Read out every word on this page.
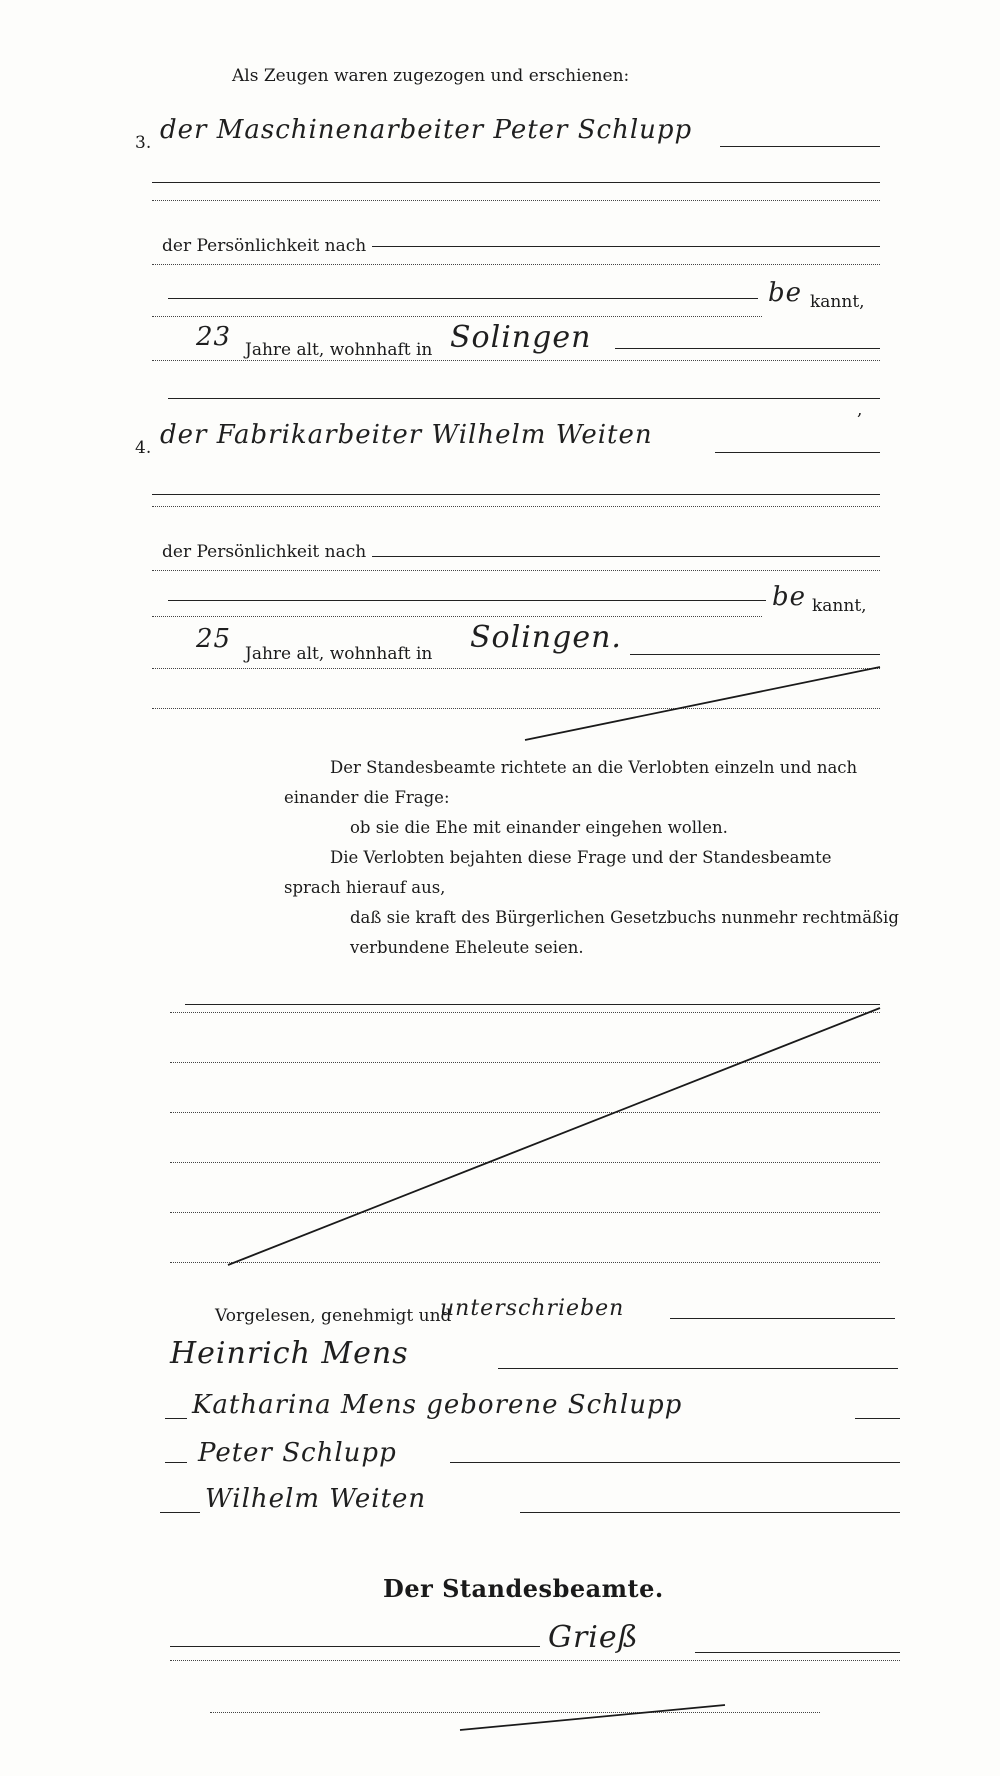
Als Zeugen waren zugezogen und erschienen:
3. der Maschinenarbeiter Peter Schlupp
der Persönlichkeit nach
be kannt,
23 Jahre alt, wohnhaft in Solingen
,
4. der Fabrikarbeiter Wilhelm Weiten
der Persönlichkeit nach
be kannt,
25 Jahre alt, wohnhaft in Solingen.
Der Standesbeamte richtete an die Verlobten einzeln und nach
einander die Frage:
ob sie die Ehe mit einander eingehen wollen.
Die Verlobten bejahten diese Frage und der Standesbeamte
sprach hierauf aus,
daß sie kraft des Bürgerlichen Gesetzbuchs nunmehr rechtmäßig
verbundene Eheleute seien.
Vorgelesen, genehmigt und
unterschrieben
Heinrich Mens
Katharina Mens geborene Schlupp
Peter Schlupp
Wilhelm Weiten
Der Standesbeamte.
Grieß
